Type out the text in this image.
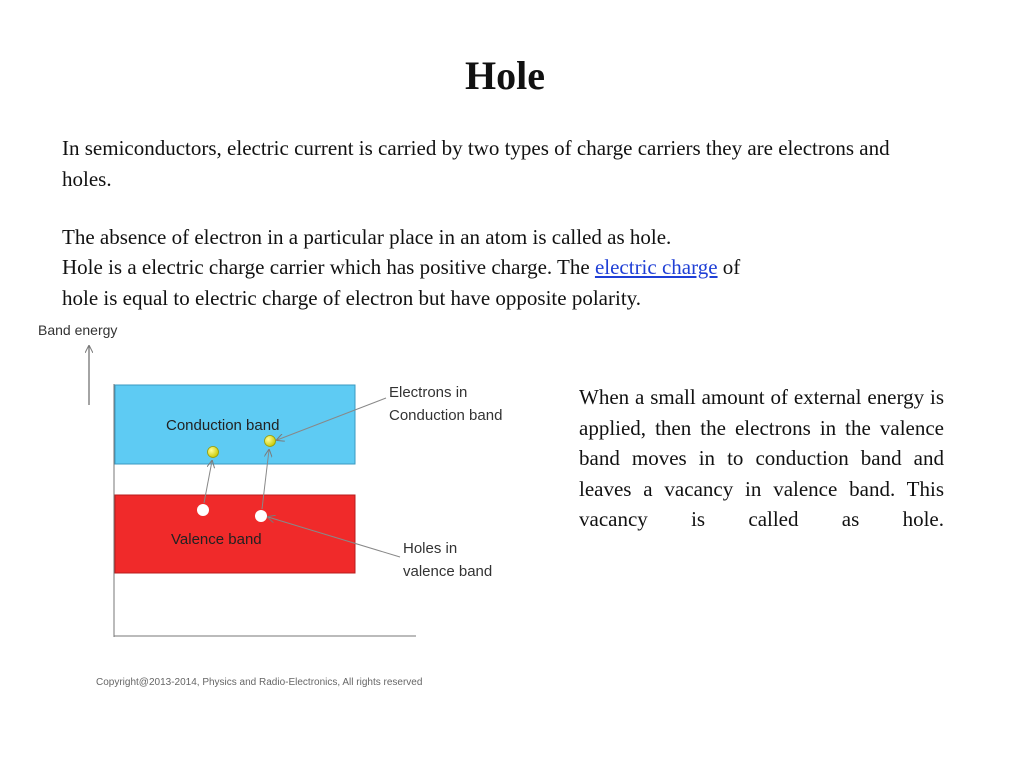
Hole

In semiconductors, electric current is carried by two types of charge carriers they are electrons and holes.

The absence of electron in a particular place in an atom is called as hole.

Hole is a electric charge carrier which has positive charge. The electric charge of

hole is equal to electric charge of electron but have opposite polarity.

Band energy
Conduction band
Valence band
Electrons in
Conduction band
Holes in
valence band
Copyright@2013-2014, Physics and Radio-Electronics, All rights reserved

When a small amount of external energy is applied, then the electrons in the valence band moves in to conduction band and leaves a vacancy in valence band. This vacancy is called as hole.
